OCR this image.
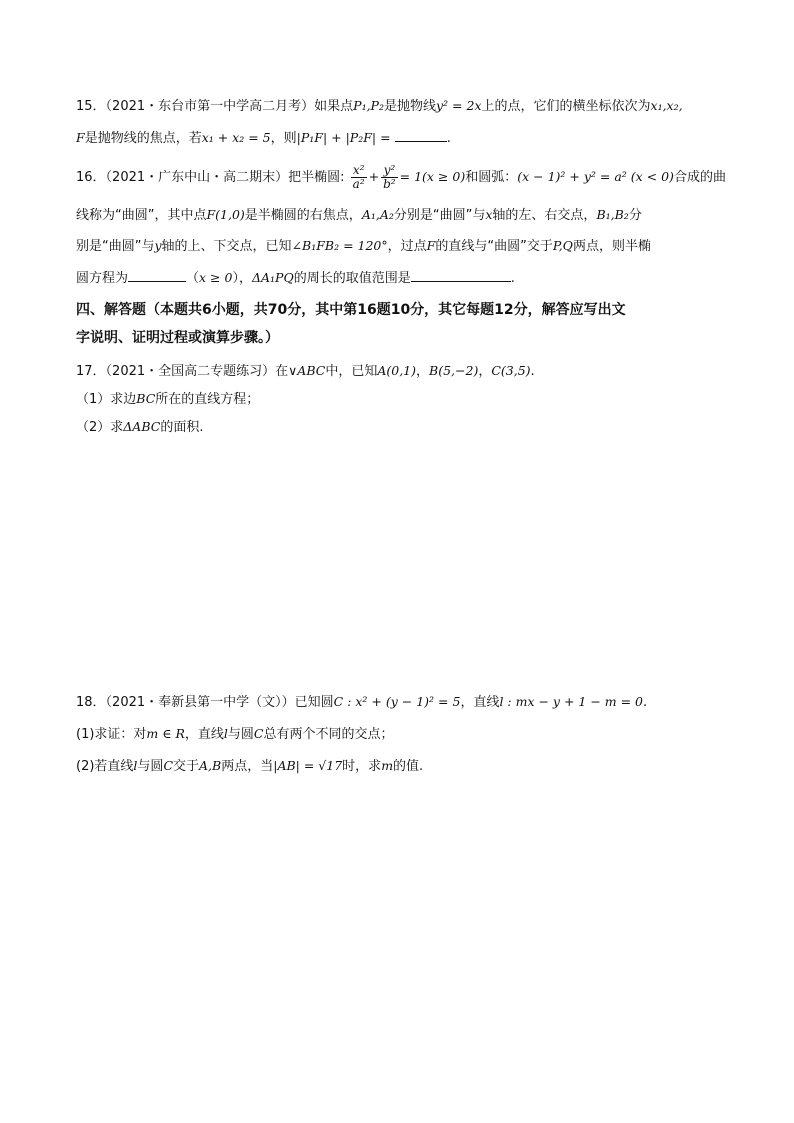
15．（2021・东台市第一中学高二月考）如果点P₁,P₂是抛物线y² = 2x上的点，它们的横坐标依次为x₁,x₂,
F是抛物线的焦点，若x₁ + x₂ = 5，则|P₁F| + |P₂F| =	.
16．（2021・广东中山・高二期末）把半椭圆: $\frac{\text{x²}}{\text{a²}} + \frac{\text{y²}}{\text{b²}} = 1(x \ge 0)$和圆弧：(x − 1)² + y² = a² (x < 0)合成的曲
线称为“曲圆”，其中点F(1,0)是半椭圆的右焦点，A₁,A₂分别是“曲圆”与x轴的左、右交点，B₁,B₂分
别是“曲圆”与y轴的上、下交点，已知∠B₁FB₂ = 120°，过点F的直线与“曲圆”交于P,Q两点，则半椭
圆方程为	（x ≥ 0），ΔA₁PQ的周长的取值范围是	.
四、解答题（本题共6小题，共70分，其中第16题10分，其它每题12分，解答应写出文
字说明、证明过程或演算步骤。）
17．（2021・全国高二专题练习）在∨ABC中，已知A(0,1)，B(5,−2)，C(3,5).
（1）求边BC所在的直线方程；
（2）求ΔABC的面积.
18．（2021・奉新县第一中学（文））已知圆C : x² + (y − 1)² = 5，直线l : mx − y + 1 − m = 0.
(1)求证：对m ∈ R，直线l与圆C总有两个不同的交点；
(2)若直线l与圆C交于A,B两点，当|AB| = √17时，求m的值.
